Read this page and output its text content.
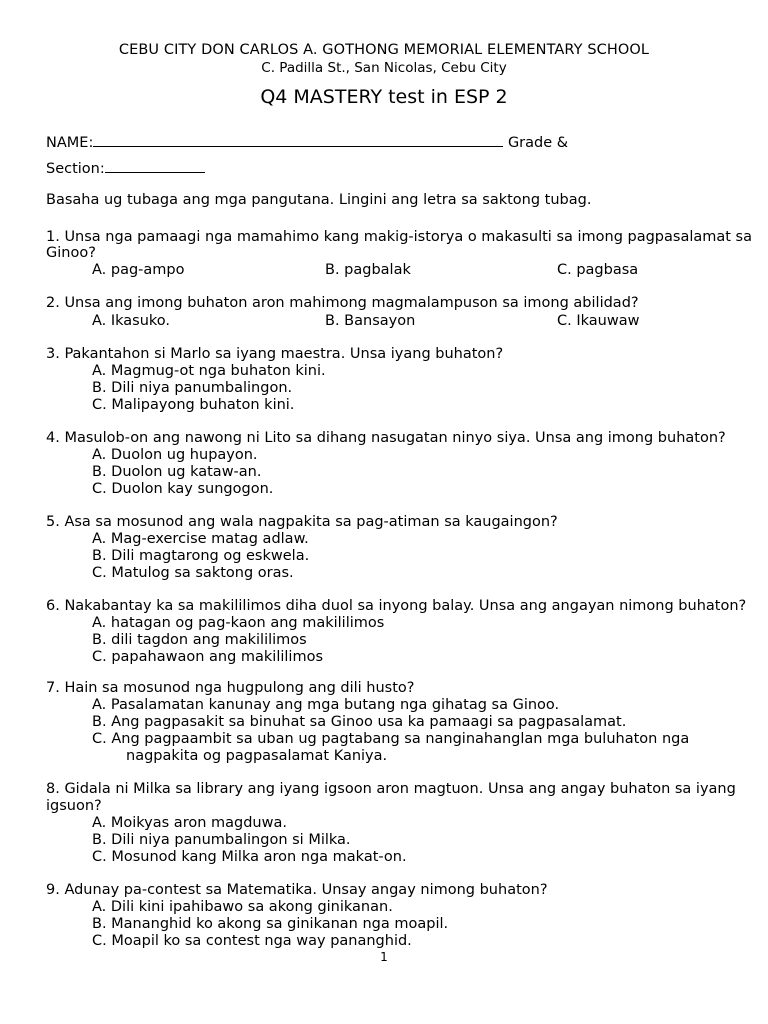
CEBU CITY DON CARLOS A. GOTHONG MEMORIAL ELEMENTARY SCHOOL
C. Padilla St., San Nicolas, Cebu City
Q4 MASTERY test in ESP 2
NAME:	Grade &
Section:
Basaha ug tubaga ang mga pangutana. Lingini ang letra sa saktong tubag.
1. Unsa nga pamaagi nga mamahimo kang makig-istorya o makasulti sa imong pagpasalamat sa
Ginoo?
A. pag-ampo	B. pagbalak	C. pagbasa
2. Unsa ang imong buhaton aron mahimong magmalampuson sa imong abilidad?
A. Ikasuko.	B. Bansayon	C. Ikauwaw
3. Pakantahon si Marlo sa iyang maestra. Unsa iyang buhaton?
A. Magmug-ot nga buhaton kini.
B. Dili niya panumbalingon.
C. Malipayong buhaton kini.
4. Masulob-on ang nawong ni Lito sa dihang nasugatan ninyo siya. Unsa ang imong buhaton?
A. Duolon ug hupayon.
B. Duolon ug kataw-an.
C. Duolon kay sungogon.
5. Asa sa mosunod ang wala nagpakita sa pag-atiman sa kaugaingon?
A. Mag-exercise matag adlaw.
B. Dili magtarong og eskwela.
C. Matulog sa saktong oras.
6. Nakabantay ka sa makililimos diha duol sa inyong balay. Unsa ang angayan nimong buhaton?
A. hatagan og pag-kaon ang makililimos
B. dili tagdon ang makililimos
C. papahawaon ang makililimos
7. Hain sa mosunod nga hugpulong ang dili husto?
A. Pasalamatan kanunay ang mga butang nga gihatag sa Ginoo.
B. Ang pagpasakit sa binuhat sa Ginoo usa ka pamaagi sa pagpasalamat.
C. Ang pagpaambit sa uban ug pagtabang sa nanginahanglan mga buluhaton nga
nagpakita og pagpasalamat Kaniya.
8. Gidala ni Milka sa library ang iyang igsoon aron magtuon. Unsa ang angay buhaton sa iyang
igsuon?
A. Moikyas aron magduwa.
B. Dili niya panumbalingon si Milka.
C. Mosunod kang Milka aron nga makat-on.
9. Adunay pa-contest sa Matematika. Unsay angay nimong buhaton?
A. Dili kini ipahibawo sa akong ginikanan.
B. Mananghid ko akong sa ginikanan nga moapil.
C. Moapil ko sa contest nga way pananghid.
1
